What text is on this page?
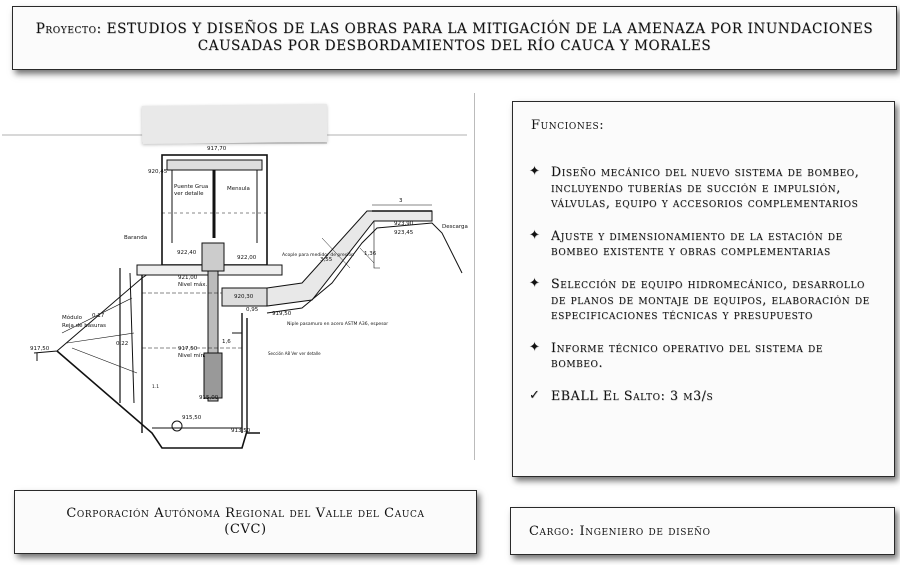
Proyecto: ESTUDIOS Y DISEÑOS DE LAS OBRAS PARA LA MITIGACIÓN DE LA AMENAZA POR INUNDACIONES CAUSADAS POR DESBORDAMIENTOS DEL RÍO CAUCA Y MORALES
917,70
920,45
Puente Grua
ver detalle
Mensula
Baranda
922,40
922,00
921,00
Nivel máx.
920,30
Acople para medidor de presión
923,90
923,45
Descarga
3
3,55
1,36
919,50
Módulo
Reja de basuras
0,17
0,22
917,50	917,50
Nivel mín.
1,6
0,95
Niple pasamuro en acero ASTM A36, espesor
Sección A8 Ver ver detalle
915,00
915,50
913,50
1.1
Funciones:
✦ Diseño mecánico del nuevo sistema de bombeo, incluyendo tuberías de succión e impulsión, válvulas, equipo y accesorios complementarios
✦ Ajuste y dimensionamiento de la estación de bombeo existente y obras complementarias
✦ Selección de equipo hidromecánico, desarrollo de planos de montaje de equipos, elaboración de especificaciones técnicas y presupuesto
✦ Informe técnico operativo del sistema de bombeo.
✓ EBALL El Salto: 3 m3/s
Corporación Autónoma Regional del Valle del Cauca (CVC)	Cargo: Ingeniero de diseño
